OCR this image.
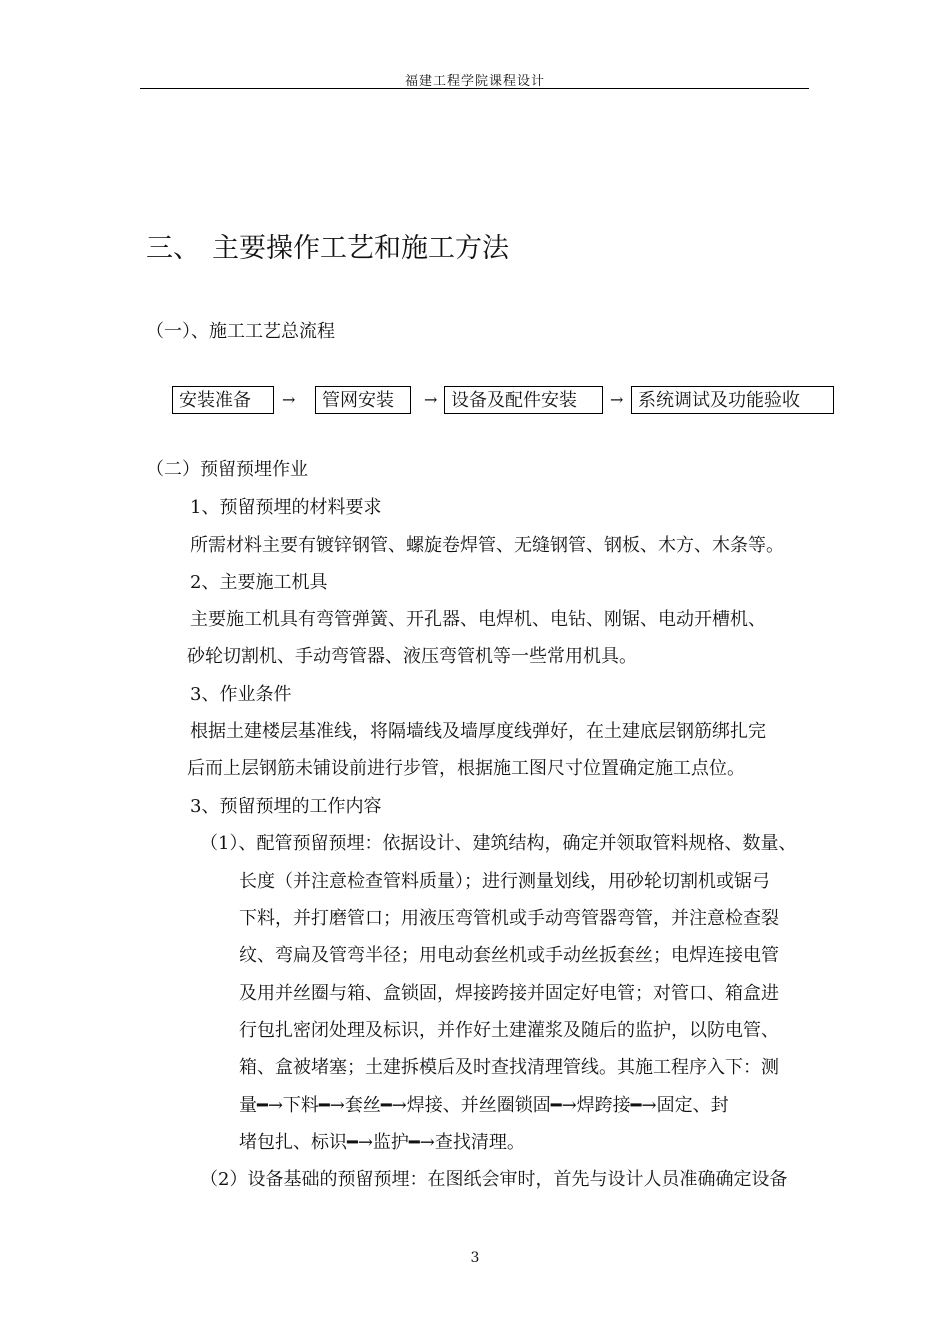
福建工程学院课程设计
三、 主要操作工艺和施工方法
（一）、施工工艺总流程
安装准备	→	管网安装	→ 设备及配件安装	→ 系统调试及功能验收
（二）预留预埋作业
1、预留预埋的材料要求
所需材料主要有镀锌钢管、螺旋卷焊管、无缝钢管、钢板、木方、木条等。
2、主要施工机具
主要施工机具有弯管弹簧、开孔器、电焊机、电钻、刚锯、电动开槽机、
砂轮切割机、手动弯管器、液压弯管机等一些常用机具。
3、作业条件
根据土建楼层基准线，将隔墙线及墙厚度线弹好，在土建底层钢筋绑扎完
后而上层钢筋未铺设前进行步管，根据施工图尺寸位置确定施工点位。
3、预留预埋的工作内容
（1）、配管预留预埋：依据设计、建筑结构，确定并领取管料规格、数量、
长度（并注意检查管料质量）；进行测量划线，用砂轮切割机或锯弓
下料，并打磨管口；用液压弯管机或手动弯管器弯管，并注意检查裂
纹、弯扁及管弯半径；用电动套丝机或手动丝扳套丝；电焊连接电管
及用并丝圈与箱、盒锁固，焊接跨接并固定好电管；对管口、箱盒进
行包扎密闭处理及标识，并作好土建灌浆及随后的监护，以防电管、
箱、盒被堵塞；土建拆模后及时查找清理管线。其施工程序入下：测
量━→下料━→套丝━→焊接、并丝圈锁固━→焊跨接━→固定、封
堵包扎、标识━→监护━→查找清理。
（2）设备基础的预留预埋：在图纸会审时，首先与设计人员准确确定设备
3
